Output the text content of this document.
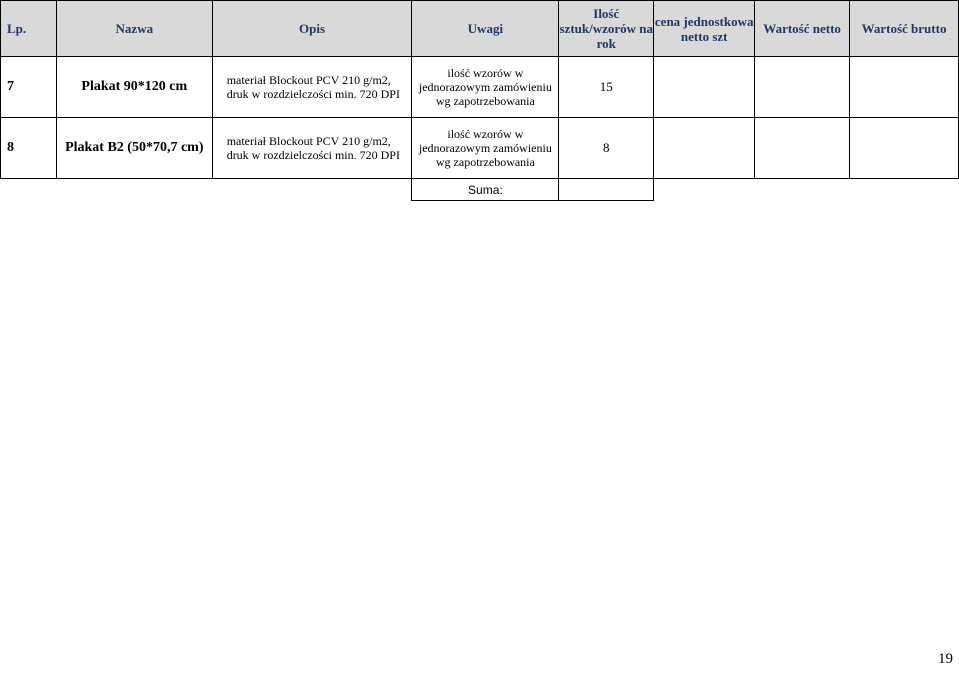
Lp.	Nazwa	Opis	Uwagi	Ilość sztuk/wzorów na rok	cena jednostkowa netto szt	Wartość netto	Wartość brutto
7	Plakat 90*120 cm	materiał Blockout PCV 210 g/m2, druk w rozdzielczości min. 720 DPI	ilość wzorów w jednorazowym zamówieniu wg zapotrzebowania	15			
8	Plakat B2 (50*70,7 cm)	materiał Blockout PCV 210 g/m2, druk w rozdzielczości min. 720 DPI	ilość wzorów w jednorazowym zamówieniu wg zapotrzebowania	8			
			Suma:				
19
